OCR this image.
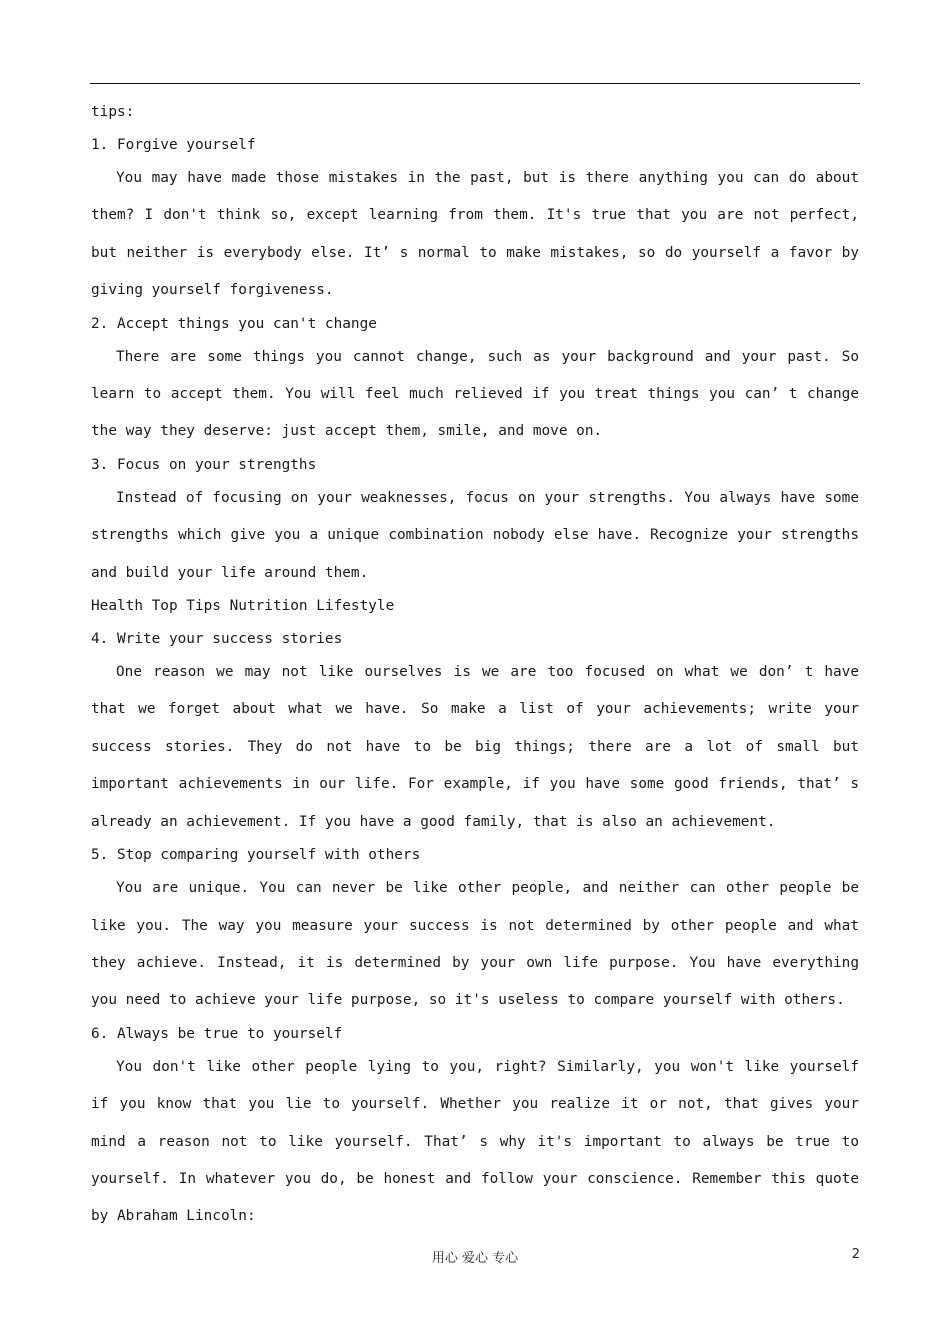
tips:
1. Forgive yourself
You may have made those mistakes in the past, but is there anything you can do about them? I don't think so, except learning from them. It's true that you are not perfect, but neither is everybody else. It’ s normal to make mistakes, so do yourself a favor by giving yourself forgiveness.
2. Accept things you can't change
There are some things you cannot change, such as your background and your past. So learn to accept them. You will feel much relieved if you treat things you can’ t change the way they deserve: just accept them, smile, and move on.
3. Focus on your strengths
Instead of focusing on your weaknesses, focus on your strengths. You always have some strengths which give you a unique combination nobody else have. Recognize your strengths and build your life around them.
Health Top Tips Nutrition Lifestyle
4. Write your success stories
One reason we may not like ourselves is we are too focused on what we don’ t have that we forget about what we have. So make a list of your achievements; write your success stories. They do not have to be big things; there are a lot of small but important achievements in our life. For example, if you have some good friends, that’ s already an achievement. If you have a good family, that is also an achievement.
5. Stop comparing yourself with others
You are unique. You can never be like other people, and neither can other people be like you. The way you measure your success is not determined by other people and what they achieve. Instead, it is determined by your own life purpose. You have everything you need to achieve your life purpose, so it's useless to compare yourself with others.
6. Always be true to yourself
You don't like other people lying to you, right? Similarly, you won't like yourself if you know that you lie to yourself. Whether you realize it or not, that gives your mind a reason not to like yourself. That’ s why it's important to always be true to yourself. In whatever you do, be honest and follow your conscience. Remember this quote by Abraham Lincoln:
用心 爱心 专心	2
